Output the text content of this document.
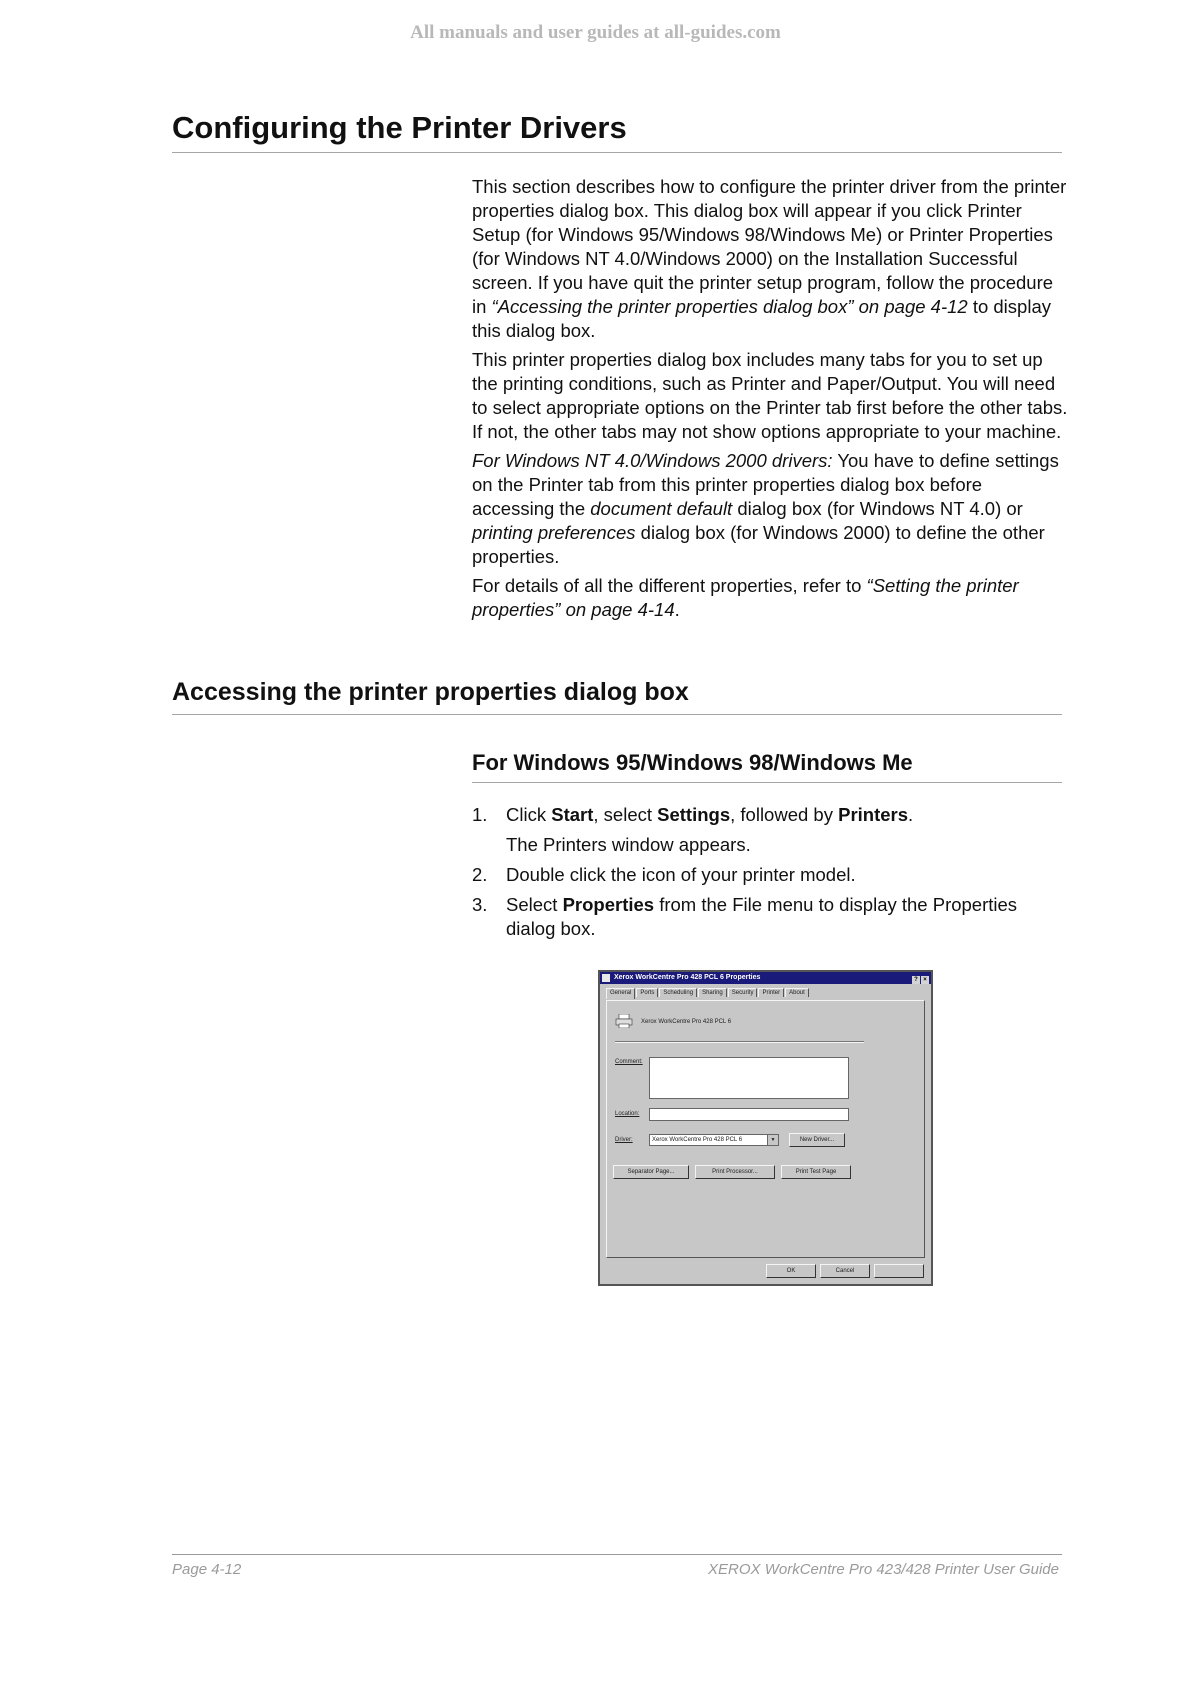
All manuals and user guides at all-guides.com
Configuring the Printer Drivers

This section describes how to configure the printer driver from the printer properties dialog box. This dialog box will appear if you click Printer Setup (for Windows 95/Windows 98/Windows Me) or Printer Properties (for Windows NT 4.0/Windows 2000) on the Installation Successful screen. If you have quit the printer setup program, follow the procedure in “Accessing the printer properties dialog box” on page 4-12 to display this dialog box.

This printer properties dialog box includes many tabs for you to set up the printing conditions, such as Printer and Paper/Output. You will need to select appropriate options on the Printer tab first before the other tabs. If not, the other tabs may not show options appropriate to your machine.

For Windows NT 4.0/Windows 2000 drivers: You have to define settings on the Printer tab from this printer properties dialog box before accessing the document default dialog box (for Windows NT 4.0) or printing preferences dialog box (for Windows 2000) to define the other properties.

For details of all the different properties, refer to “Setting the printer properties” on page 4-14.

Accessing the printer properties dialog box
For Windows 95/Windows 98/Windows Me
1. Click Start, select Settings, followed by Printers.
The Printers window appears.
2. Double click the icon of your printer model.
3. Select Properties from the File menu to display the Properties dialog box.
Xerox WorkCentre Pro 428 PCL 6 Properties	? ×
General Ports Scheduling Sharing Security Printer About
Xerox WorkCentre Pro 428 PCL 6
Comment:
Location:
Driver:	Xerox WorkCentre Pro 428 PCL 6	▼	New Driver...
Separator Page...	Print Processor...	Print Test Page
OK	Cancel
Page 4-12	XEROX WorkCentre Pro 423/428 Printer User Guide
